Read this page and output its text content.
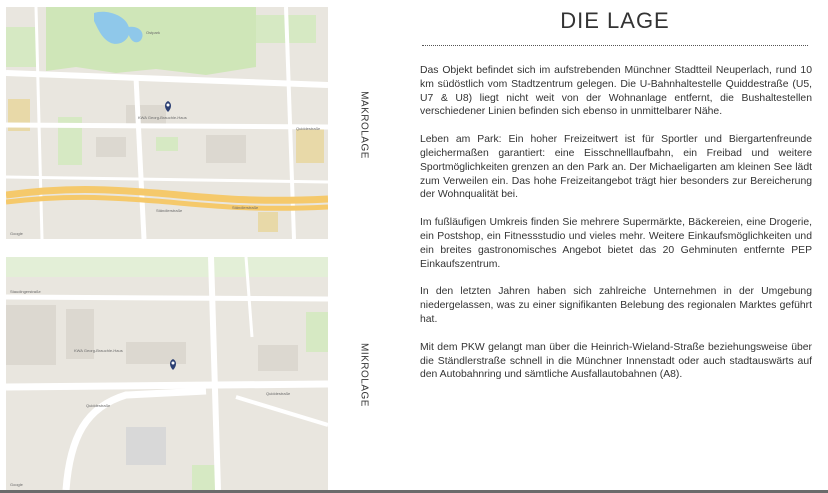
Ostpark
Quiddestraße
Ständlerstraße
Ständlerstraße
KWA Georg-Brauchle-Haus
Google
MAKROLAGE
Staudingerstraße
Quiddestraße
Quiddestraße
KWA Georg-Brauchle-Haus
Google
MIKROLAGE
DIE LAGE

Das Objekt befindet sich im aufstrebenden Münchner Stadtteil Neuperlach, rund 10 km südöstlich vom Stadtzentrum gelegen. Die U-Bahnhaltestelle Quiddestraße (U5, U7 & U8) liegt nicht weit von der Wohnanlage entfernt, die Bushaltestellen verschiedener Linien befinden sich ebenso in unmittelbarer Nähe.

Leben am Park: Ein hoher Freizeitwert ist für Sportler und Biergartenfreunde gleichermaßen garantiert: eine Eisschnelllaufbahn, ein Freibad und weitere Sportmöglichkeiten grenzen an den Park an. Der Michaeligarten am kleinen See lädt zum Verweilen ein. Das hohe Freizeitangebot trägt hier besonders zur Bereicherung der Wohnqualität bei.

Im fußläufigen Umkreis finden Sie mehrere Supermärkte, Bäckereien, eine Drogerie, ein Postshop, ein Fitnessstudio und vieles mehr. Weitere Einkaufsmöglichkeiten und ein breites gastronomisches Angebot bietet das 20 Gehminuten entfernte PEP Einkaufszentrum.

In den letzten Jahren haben sich zahlreiche Unternehmen in der Umgebung niedergelassen, was zu einer signifikanten Belebung des regionalen Marktes geführt hat.

Mit dem PKW gelangt man über die Heinrich-Wieland-Straße beziehungsweise über die Ständlerstraße schnell in die Münchner Innenstadt oder auch stadtauswärts auf den Autobahnring und sämtliche Ausfallautobahnen (A8).
